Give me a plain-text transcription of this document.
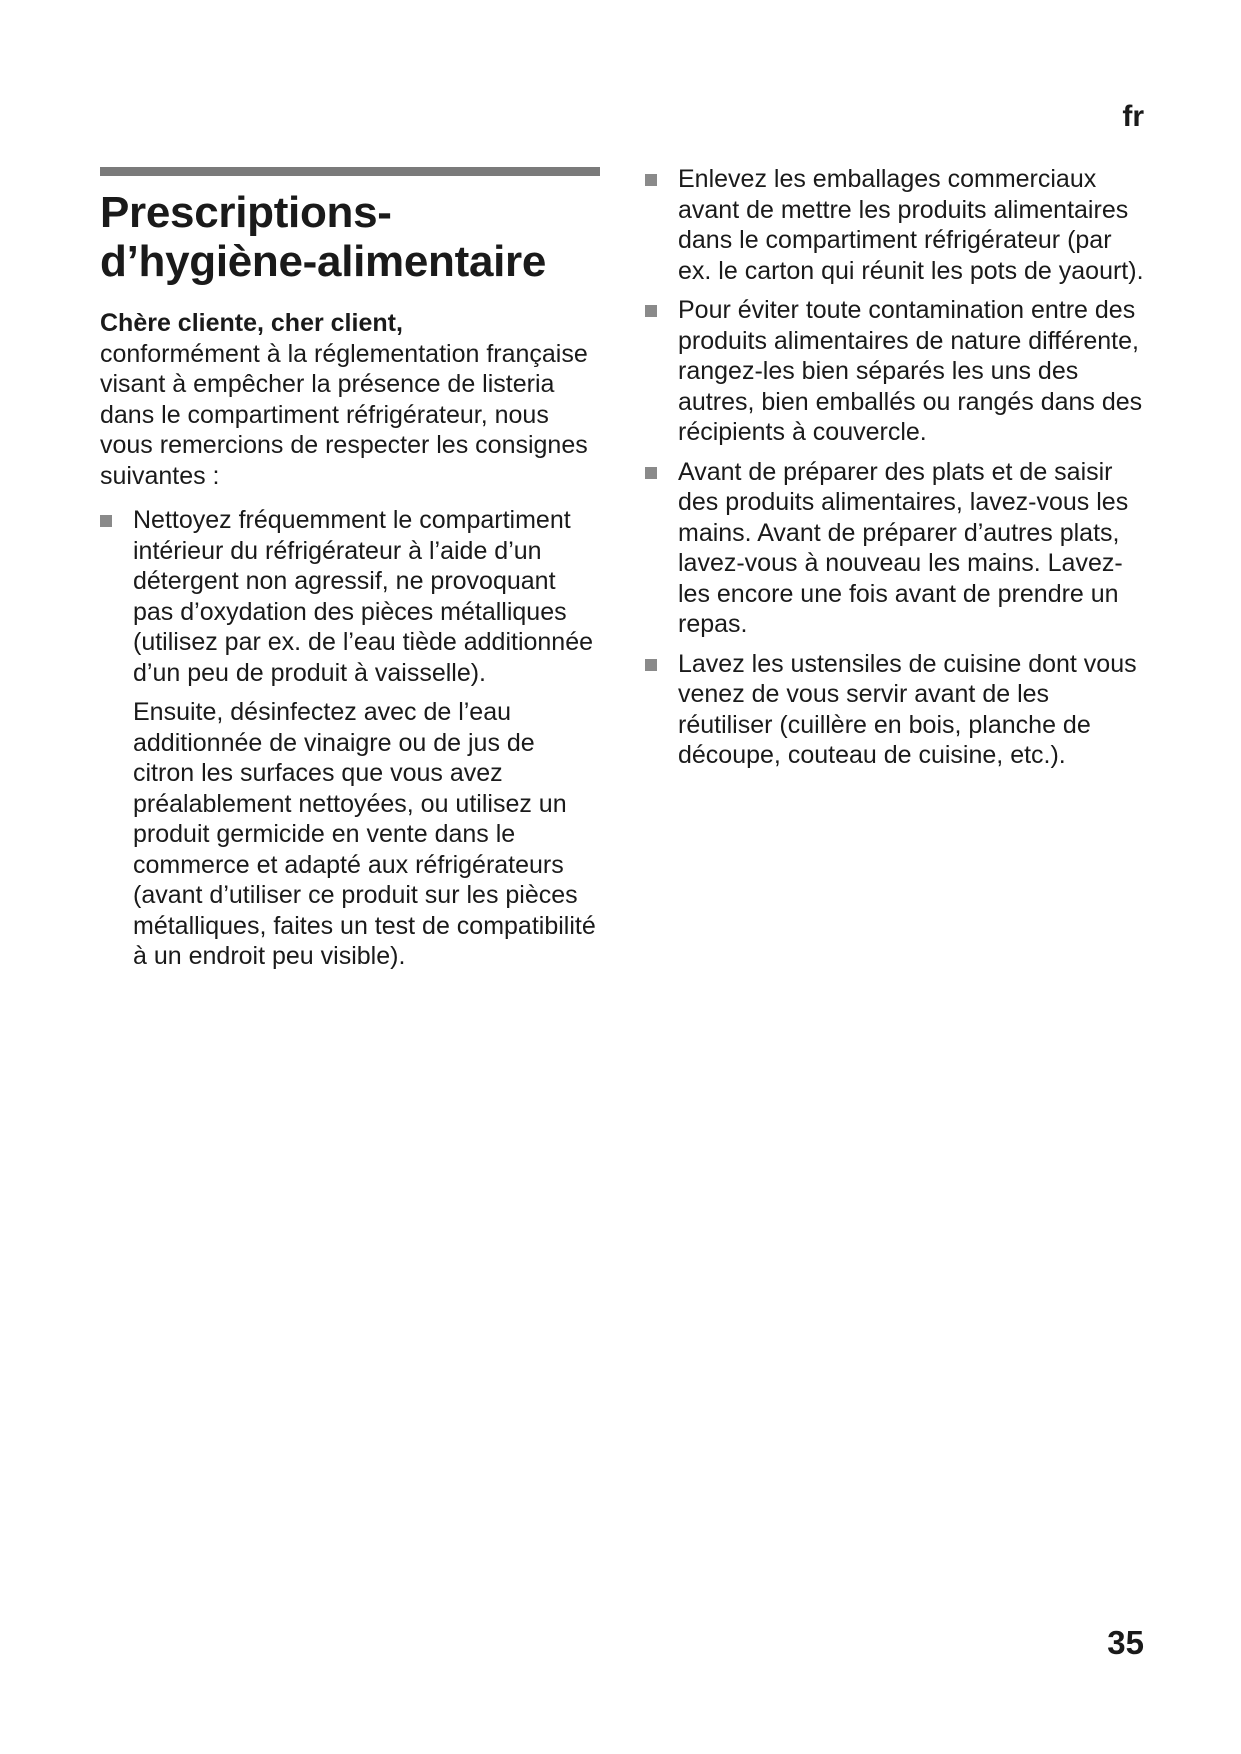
fr
Prescriptions-
d’hygiène-alimentaire

Chère cliente, cher client,
conformément à la réglementation française visant à empêcher la présence de listeria dans le compartiment réfrigérateur, nous vous remercions de respecter les consignes suivantes :

Nettoyez fréquemment le compartiment intérieur du réfrigérateur à l’aide d’un détergent non agressif, ne provoquant pas d’oxydation des pièces métalliques (utilisez par ex. de l’eau tiède additionnée d’un peu de produit à vaisselle).

Ensuite, désinfectez avec de l’eau additionnée de vinaigre ou de jus de citron les surfaces que vous avez préalablement nettoyées, ou utilisez un produit germicide en vente dans le commerce et adapté aux réfrigérateurs (avant d’utiliser ce produit sur les pièces métalliques, faites un test de compatibilité à un endroit peu visible).

Enlevez les emballages commerciaux avant de mettre les produits alimentaires dans le compartiment réfrigérateur (par ex. le carton qui réunit les pots de yaourt).

Pour éviter toute contamination entre des produits alimentaires de nature différente, rangez-les bien séparés les uns des autres, bien emballés ou rangés dans des récipients à couvercle.

Avant de préparer des plats et de saisir des produits alimentaires, lavez-vous les mains. Avant de préparer d’autres plats, lavez-vous à nouveau les mains. Lavez-les encore une fois avant de prendre un repas.

Lavez les ustensiles de cuisine dont vous venez de vous servir avant de les réutiliser (cuillère en bois, planche de découpe, couteau de cuisine, etc.).

35
